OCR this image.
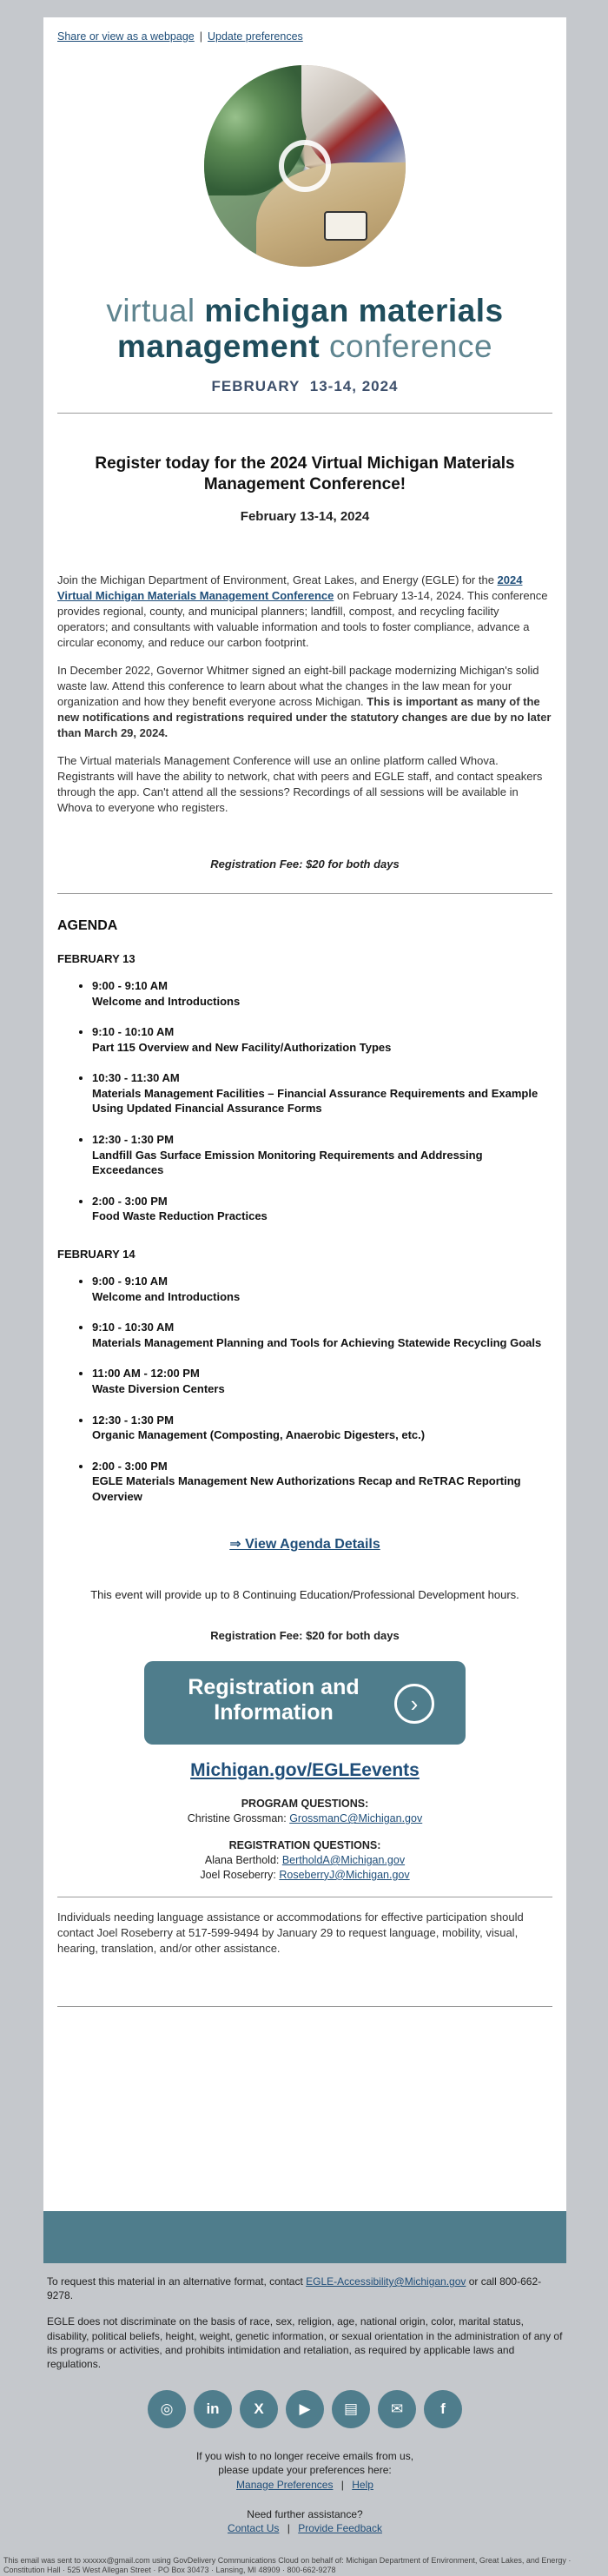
Share or view as a webpage | Update preferences
virtual michigan materials
management conference
FEBRUARY 13-14, 2024
Register today for the 2024 Virtual Michigan Materials Management Conference!
February 13-14, 2024

Join the Michigan Department of Environment, Great Lakes, and Energy (EGLE) for the 2024 Virtual Michigan Materials Management Conference on February 13-14, 2024. This conference provides regional, county, and municipal planners; landfill, compost, and recycling facility operators; and consultants with valuable information and tools to foster compliance, advance a circular economy, and reduce our carbon footprint.

In December 2022, Governor Whitmer signed an eight-bill package modernizing Michigan's solid waste law. Attend this conference to learn about what the changes in the law mean for your organization and how they benefit everyone across Michigan. This is important as many of the new notifications and registrations required under the statutory changes are due by no later than March 29, 2024.

The Virtual materials Management Conference will use an online platform called Whova. Registrants will have the ability to network, chat with peers and EGLE staff, and contact speakers through the app. Can't attend all the sessions? Recordings of all sessions will be available in Whova to everyone who registers.

Registration Fee: $20 for both days
AGENDA
FEBRUARY 13
• 9:00 - 9:10 AM
Welcome and Introductions
• 9:10 - 10:10 AM
Part 115 Overview and New Facility/Authorization Types
• 10:30 - 11:30 AM
Materials Management Facilities – Financial Assurance Requirements and Example Using Updated Financial Assurance Forms
• 12:30 - 1:30 PM
Landfill Gas Surface Emission Monitoring Requirements and Addressing Exceedances
• 2:00 - 3:00 PM
Food Waste Reduction Practices
FEBRUARY 14
• 9:00 - 9:10 AM
Welcome and Introductions
• 9:10 - 10:30 AM
Materials Management Planning and Tools for Achieving Statewide Recycling Goals
• 11:00 AM - 12:00 PM
Waste Diversion Centers
• 12:30 - 1:30 PM
Organic Management (Composting, Anaerobic Digesters, etc.)
• 2:00 - 3:00 PM
EGLE Materials Management New Authorizations Recap and ReTRAC Reporting Overview
⇒ View Agenda Details
This event will provide up to 8 Continuing Education/Professional Development hours.
Registration Fee: $20 for both days
Registration and Information	›
Michigan.gov/EGLEevents
PROGRAM QUESTIONS:
Christine Grossman: GrossmanC@Michigan.gov
REGISTRATION QUESTIONS:
Alana Berthold: BertholdA@Michigan.gov
Joel Roseberry: RoseberryJ@Michigan.gov

Individuals needing language assistance or accommodations for effective participation should contact Joel Roseberry at 517-599-9494 by January 29 to request language, mobility, visual, hearing, translation, and/or other assistance.

To request this material in an alternative format, contact EGLE-Accessibility@Michigan.gov or call 800-662-9278.

EGLE does not discriminate on the basis of race, sex, religion, age, national origin, color, marital status, disability, political beliefs, height, weight, genetic information, or sexual orientation in the administration of any of its programs or activities, and prohibits intimidation and retaliation, as required by applicable laws and regulations.

◎	in	X	▶	▤	✉	f
If you wish to no longer receive emails from us,
please update your preferences here:
Manage Preferences | Help
Need further assistance?
Contact Us | Provide Feedback
This email was sent to xxxxxx@gmail.com using GovDelivery Communications Cloud on behalf of: Michigan Department of Environment, Great Lakes, and Energy · Constitution Hall · 525 West Allegan Street · PO Box 30473 · Lansing, MI 48909 · 800-662-9278
